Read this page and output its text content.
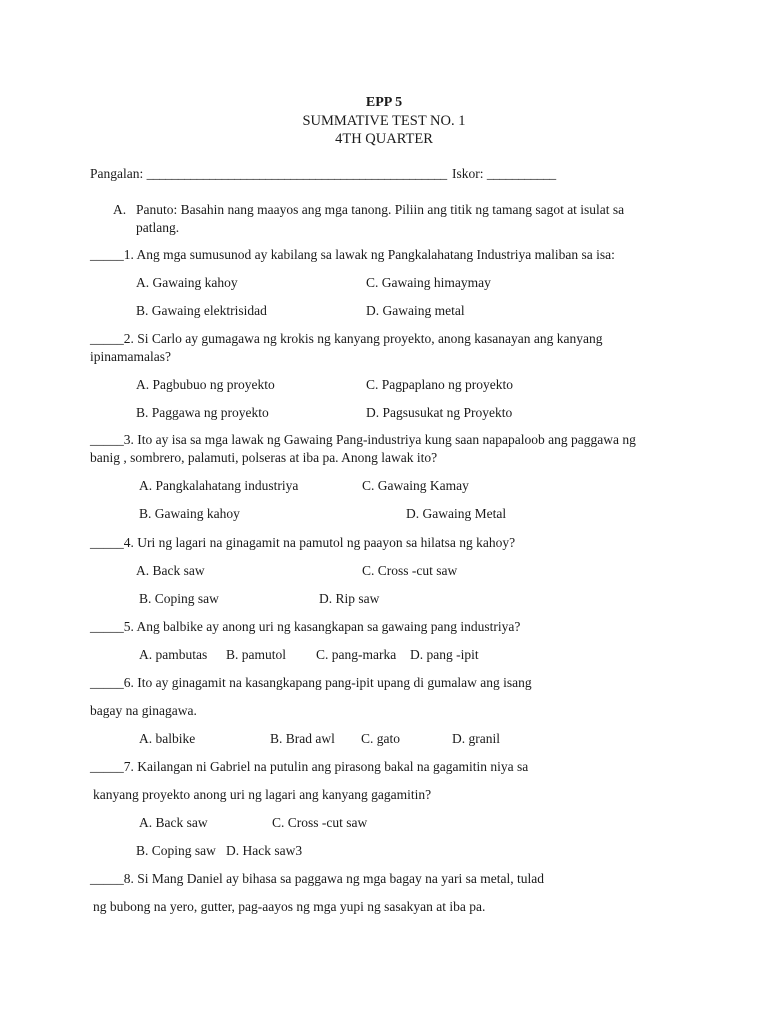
EPP 5
SUMMATIVE TEST NO. 1
4TH QUARTER
Pangalan: ________________________________________________ Iskor: ___________
A. Panuto: Basahin nang maayos ang mga tanong. Piliin ang titik ng tamang sagot at isulat sa
patlang.
_____1. Ang mga sumusunod ay kabilang sa lawak ng Pangkalahatang Industriya maliban sa isa:
A. Gawaing kahoy	C. Gawaing himaymay
B. Gawaing elektrisidad	D. Gawaing metal
_____2. Si Carlo ay gumagawa ng krokis ng kanyang proyekto, anong kasanayan ang kanyang
ipinamamalas?
A. Pagbubuo ng proyekto	C. Pagpaplano ng proyekto
B. Paggawa ng proyekto	D. Pagsusukat ng Proyekto
_____3. Ito ay isa sa mga lawak ng Gawaing Pang-industriya kung saan napapaloob ang paggawa ng
banig , sombrero, palamuti, polseras at iba pa. Anong lawak ito?
A. Pangkalahatang industriya	C. Gawaing Kamay
B. Gawaing kahoy	D. Gawaing Metal
_____4. Uri ng lagari na ginagamit na pamutol ng paayon sa hilatsa ng kahoy?
A. Back saw	C. Cross -cut saw
B. Coping saw	D. Rip saw
_____5. Ang balbike ay anong uri ng kasangkapan sa gawaing pang industriya?
A. pambutas B. pamutol C. pang-marka D. pang -ipit
_____6. Ito ay ginagamit na kasangkapang pang-ipit upang di gumalaw ang isang
bagay na ginagawa.
A. balbike	B. Brad awl C. gato	D. granil
_____7. Kailangan ni Gabriel na putulin ang pirasong bakal na gagamitin niya sa
kanyang proyekto anong uri ng lagari ang kanyang gagamitin?
A. Back saw	C. Cross -cut saw
B. Coping saw D. Hack saw3
_____8. Si Mang Daniel ay bihasa sa paggawa ng mga bagay na yari sa metal, tulad
ng bubong na yero, gutter, pag-aayos ng mga yupi ng sasakyan at iba pa.
